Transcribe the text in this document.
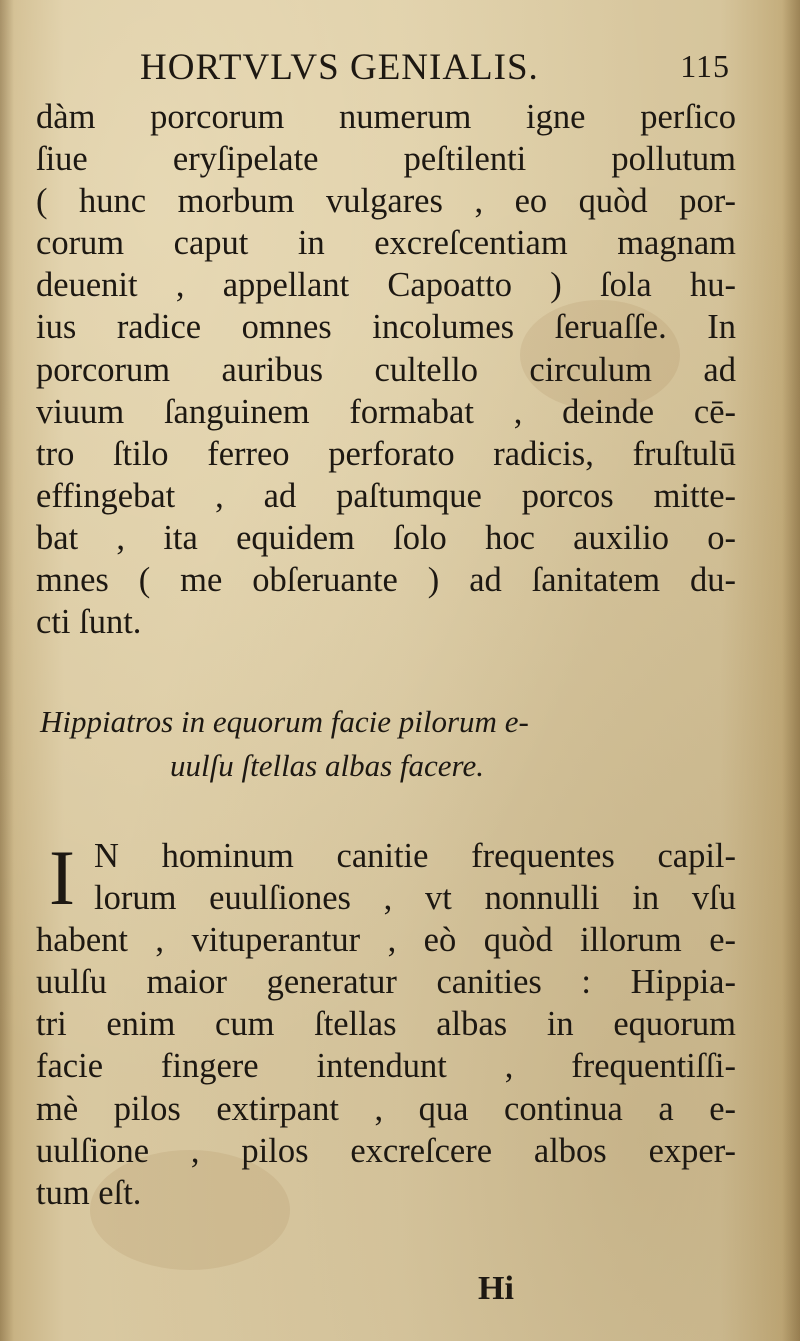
HORTVLVS GENIALIS.	115
dàm porcorum numerum igne perſico
ſiue eryſipelate peſtilenti pollutum
( hunc morbum vulgares , eo quòd por-
corum caput in excreſcentiam magnam
deuenit , appellant Capoatto ) ſola hu-
ius radice omnes incolumes ſeruaſſe. In
porcorum auribus cultello circulum ad
viuum ſanguinem formabat , deinde cē-
tro ſtilo ferreo perforato radicis, fruſtulū
effingebat , ad paſtumque porcos mitte-
bat , ita equidem ſolo hoc auxilio o-
mnes ( me obſeruante ) ad ſanitatem du-
cti ſunt.
Hippiatros in equorum facie pilorum e-
uulſu ſtellas albas facere.
I N hominum canitie frequentes capil-
lorum euulſiones , vt nonnulli in vſu
habent , vituperantur , eò quòd illorum e-
uulſu maior generatur canities : Hippia-
tri enim cum ſtellas albas in equorum
facie fingere intendunt , frequentiſſi-
mè pilos extirpant , qua continua a e-
uulſione , pilos excreſcere albos exper-
tum eſt.
Hi
